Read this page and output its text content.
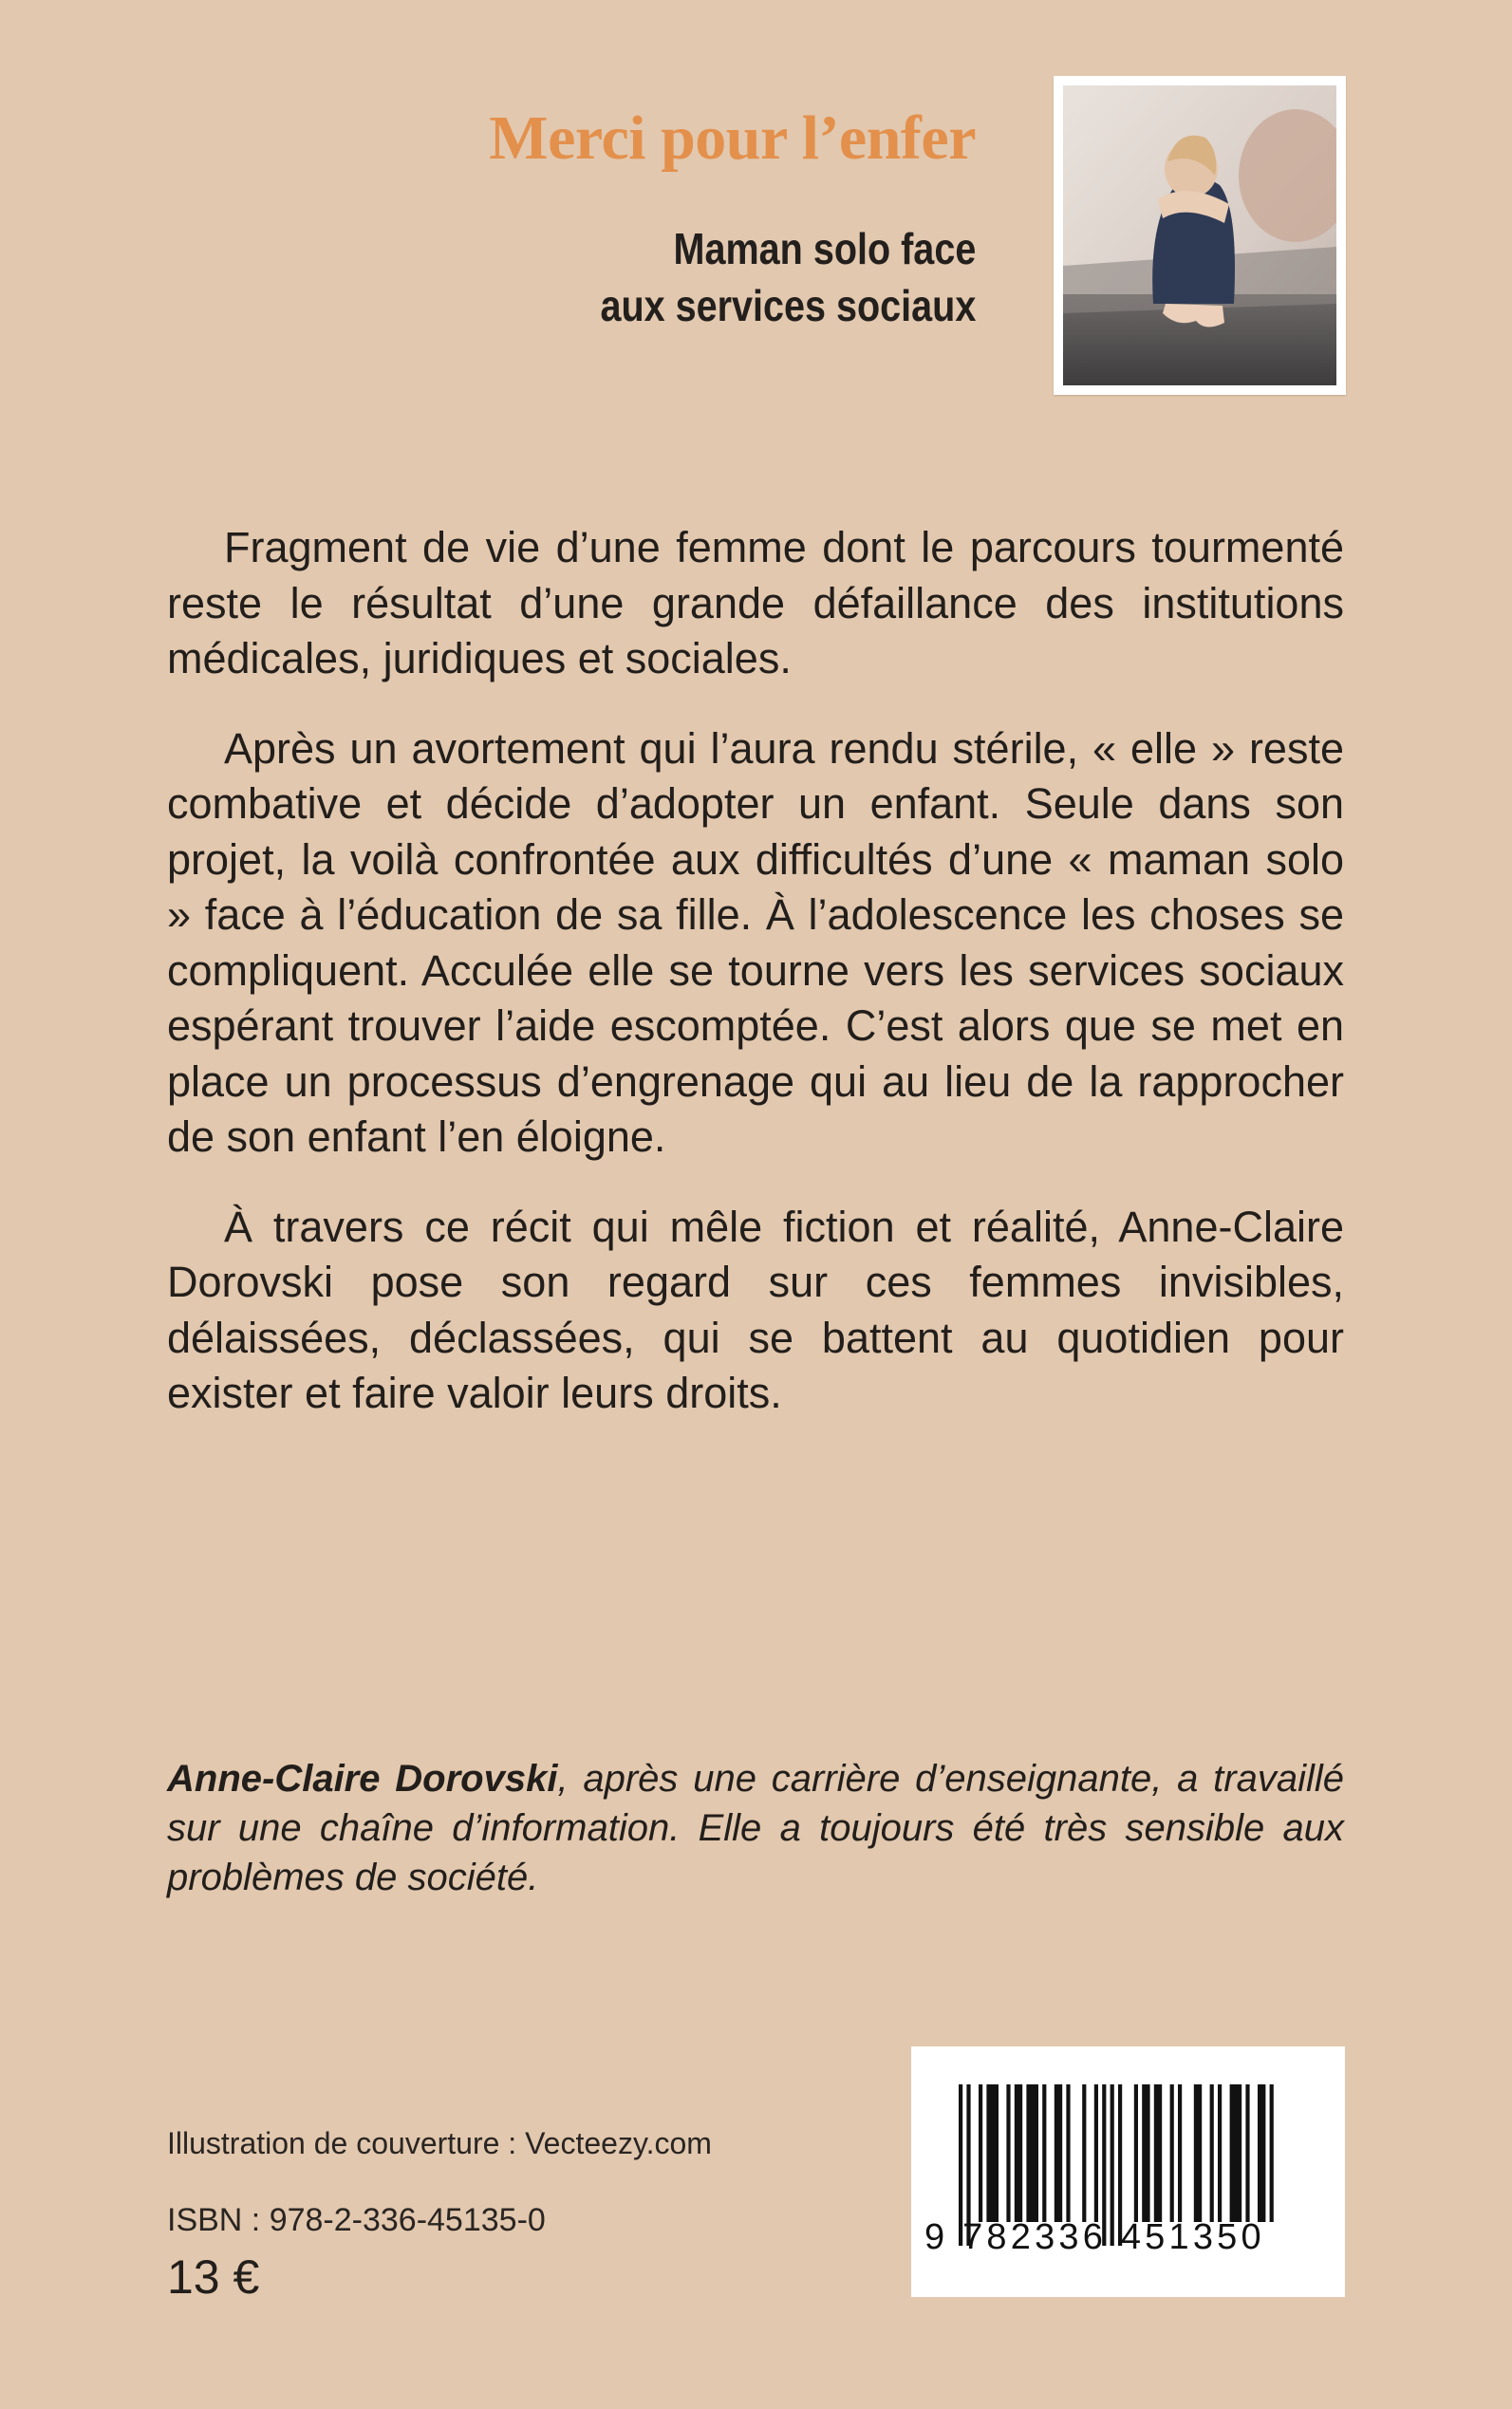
Merci pour l’enfer
Maman solo face
aux services sociaux

Fragment de vie d’une femme dont le parcours tourmenté reste le résultat d’une grande défaillance des institutions médicales, juridiques et sociales.

Après un avortement qui l’aura rendu stérile, « elle » reste combative et décide d’adopter un enfant. Seule dans son projet, la voilà confrontée aux difficultés d’une « maman solo » face à l’éducation de sa fille. À l’adolescence les choses se compliquent. Acculée elle se tourne vers les services sociaux espérant trouver l’aide escomptée. C’est alors que se met en place un processus d’engrenage qui au lieu de la rapprocher de son enfant l’en éloigne.

À travers ce récit qui mêle fiction et réalité, Anne-Claire Dorovski pose son regard sur ces femmes invisibles, délaissées, déclassées, qui se battent au quotidien pour exister et faire valoir leurs droits.

Anne-Claire Dorovski, après une carrière d’enseignante, a travaillé sur une chaîne d’information. Elle a toujours été très sensible aux problèmes de société.
Illustration de couverture : Vecteezy.com
ISBN : 978-2-336-45135-0
13 €
9 782336 451350
